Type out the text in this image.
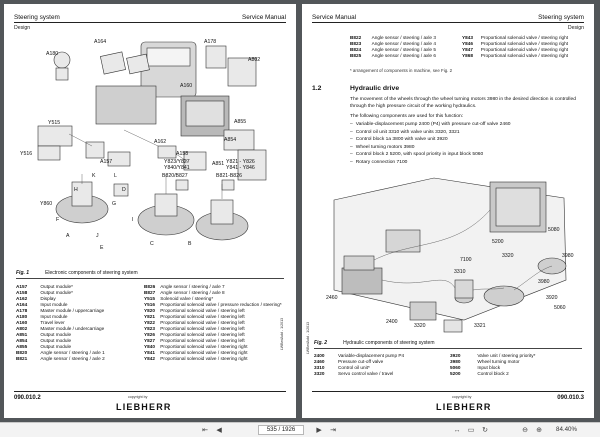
Steering system	Service Manual
Design
A164	A178
A180
A802
A160
Y515
A162
A855
Y516
A157
A158
A854
A851
Y823/Y827
Y840/Y841
Y821 - Y826
Y841 - Y846
K	L
H	D
Y860
B820/B827	B821-B826
G
F	I
A	J
E
C	B
Fig. 1	Electronic components of steering system
A157	Output module*
A158	Output module*
A162	Display
A164	Input module
A178	Master module / uppercarriage
A180	Input module
A160	Travel lever
A802	Master module / undercarriage
A851	Output module
A854	Output module
A855	Output module
B820	Angle sensor / steering / axle 1
B821	Angle sensor / steering / axle 2
B826	Angle sensor / steering / axle 7
B827	Angle sensor / steering / axle 8
Y515	Solenoid valve / steering*
Y516	Proportional solenoid valve / pressure reduction / steering*
Y820	Proportional solenoid valve / steering left
Y821	Proportional solenoid valve / steering left
Y822	Proportional solenoid valve / steering left
Y823	Proportional solenoid valve / steering left
Y826	Proportional solenoid valve / steering left
Y827	Proportional solenoid valve / steering left
Y840	Proportional solenoid valve / steering right
Y841	Proportional solenoid valve / steering right
Y842	Proportional solenoid valve / steering right
LWBedAdd - 1/2013
090.010.2	copyright by
LIEBHERR
Service Manual	Steering system
Design
B822	Angle sensor / steering / axle 3
B823	Angle sensor / steering / axle 4
B824	Angle sensor / steering / axle 5
B825	Angle sensor / steering / axle 6
Y843	Proportional solenoid valve / steering right
Y846	Proportional solenoid valve / steering right
Y847	Proportional solenoid valve / steering right
Y868	Proportional solenoid valve / steering right
* arrangement of components in machine, see Fig. 2
1.2	Hydraulic drive
The movement of the wheels through the wheel turning motors 3980 in the desired direction is controlled through the high pressure circuit of the working hydraulics.
The following components are used for this function:
– Variable-displacement pump 2400 (P4) with pressure cut-off valve 2460
– Control oil unit 3310 with valve units 3320, 3321
– Control block 1a 3800 with valve unit 3920
– Wheel turning motors 3980
– Control block 2 5200, with spool priority in input block 5060
– Rotary connection 7100
5200
5080
3320	3980
7100
3310
3980
2460
2400
3320
3920
5060
3321
Fig. 2	Hydraulic components of steering system
2400	Variable-displacement pump P4
2460	Pressure cut-off valve
3310	Control oil unit*
3320	Servo control valve / travel
3920	Valve unit / steering priority*
3980	Wheel turning motor
5060	Input block
5200	Control block 2
LWBedAdd - 1/2013
090.010.3
copyright by
LIEBHERR
⇤	◀	535 / 1926	▶	⇥	↔ ▭	↻	⊖	⊕	84.40%
